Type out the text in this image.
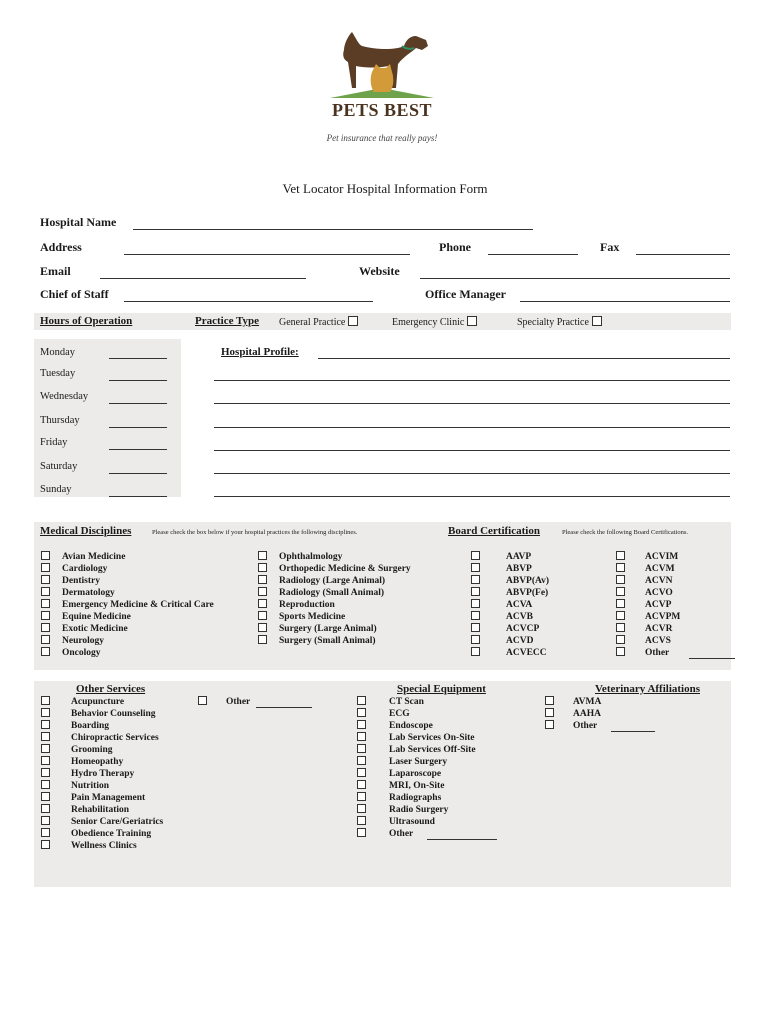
PETS BEST
Pet insurance that really pays!
Vet Locator Hospital Information Form
Hospital Name
Address	Phone	Fax
Email	Website
Chief of Staff	Office Manager
Hours of Operation	Practice Type General Practice	Emergency Clinic	Specialty Practice
Monday
Tuesday
Wednesday
Thursday
Friday
Saturday
Sunday
Hospital Profile:
Medical Disciplines	Please check the box below if your hospital practices the following disciplines.	Board Certification	Please check the following Board Certifications.
Avian Medicine
Cardiology
Dentistry
Dermatology
Emergency Medicine & Critical Care
Equine Medicine
Exotic Medicine
Neurology
Oncology
Ophthalmology
Orthopedic Medicine & Surgery
Radiology (Large Animal)
Radiology (Small Animal)
Reproduction
Sports Medicine
Surgery (Large Animal)
Surgery (Small Animal)
AAVP
ABVP
ABVP(Av)
ABVP(Fe)
ACVA
ACVB
ACVCP
ACVD
ACVECC
ACVIM
ACVM
ACVN
ACVO
ACVP
ACVPM
ACVR
ACVS
Other
Other Services	Special Equipment	Veterinary Affiliations
Acupuncture
Behavior Counseling
Boarding
Chiropractic Services
Grooming
Homeopathy
Hydro Therapy
Nutrition
Pain Management
Rehabilitation
Senior Care/Geriatrics
Obedience Training
Wellness Clinics
Other	CT Scan
ECG
Endoscope
Lab Services On-Site
Lab Services Off-Site
Laser Surgery
Laparoscope
MRI, On-Site
Radiographs
Radio Surgery
Ultrasound
Other
AVMA
AAHA
Other
